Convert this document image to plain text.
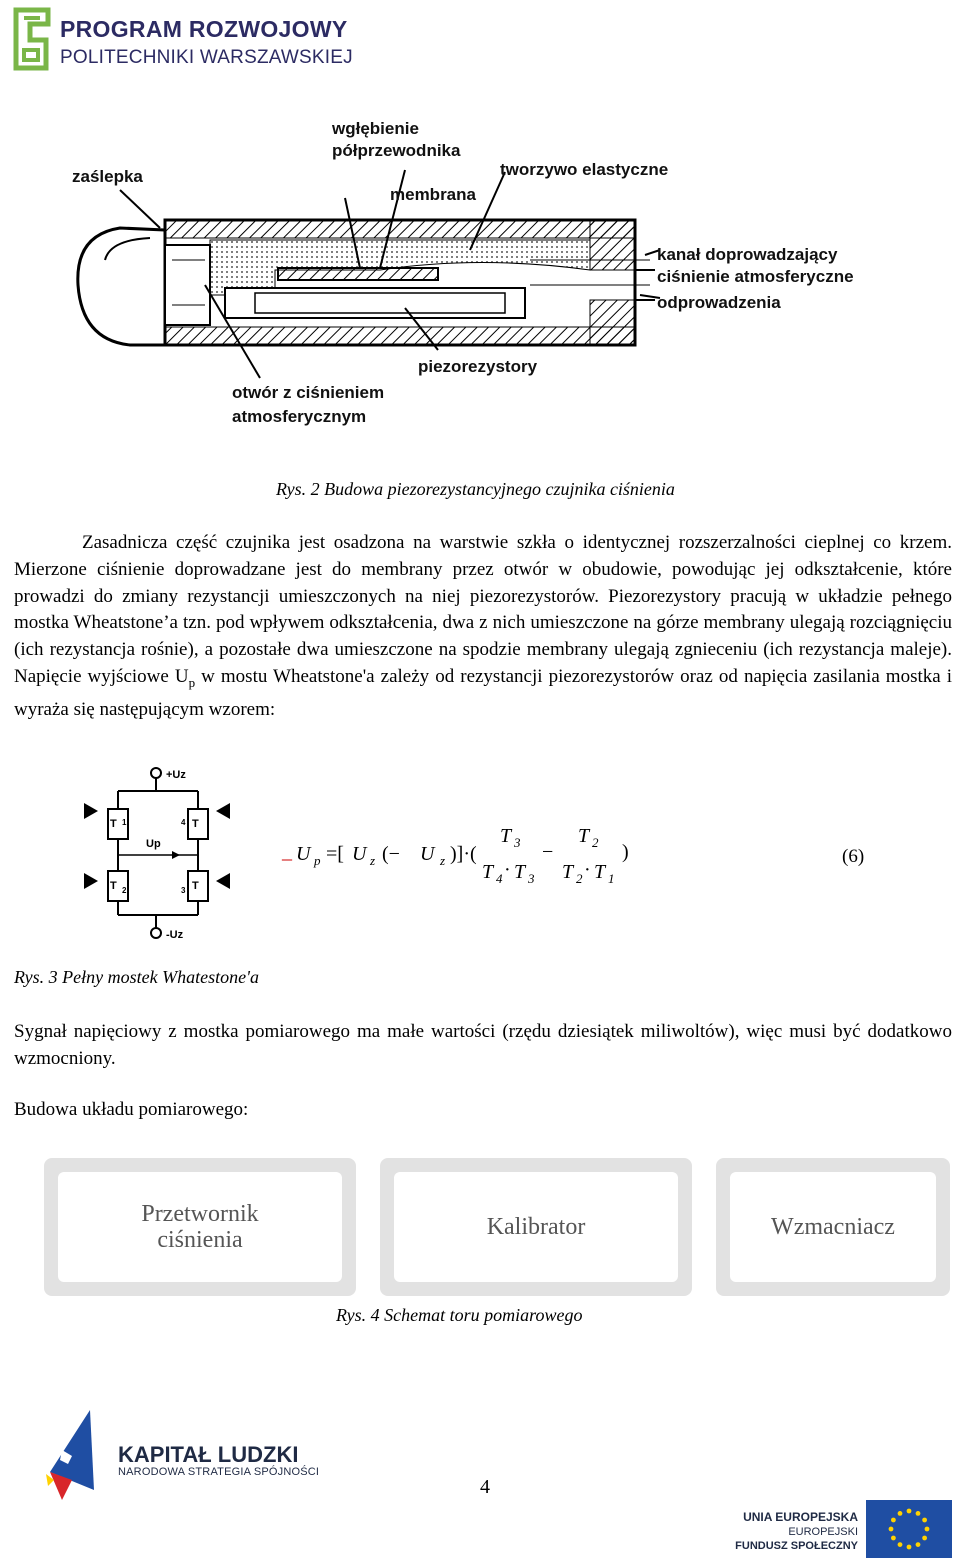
PROGRAM ROZWOJOWY
POLITECHNIKI WARSZAWSKIEJ
zaślepka
wgłębienie
półprzewodnika
membrana
tworzywo elastyczne
kanał doprowadzający
ciśnienie atmosferyczne
odprowadzenia
piezorezystory
otwór z ciśnieniem
atmosferycznym
Rys. 2 Budowa piezorezystancyjnego czujnika ciśnienia

Zasadnicza część czujnika jest osadzona na warstwie szkła o identycznej rozszerzalności cieplnej co krzem. Mierzone ciśnienie doprowadzane jest do membrany przez otwór w obudowie, powodując jej odkształcenie, które prowadzi do zmiany rezystancji umieszczonych na niej piezorezystorów. Piezorezystory pracują w układzie pełnego mostka Wheatstone’a tzn. pod wpływem odkształcenia, dwa z nich umieszczone na górze membrany ulegają rozciągnięciu (ich rezystancja rośnie), a pozostałe dwa umieszczone na spodzie membrany ulegają zgnieceniu (ich rezystancja maleje). Napięcie wyjściowe $U_p$ w mostu Wheatstone'a zależy od rezystancji piezorezystorów oraz od napięcia zasilania mostka i wyraża się następującym wzorem:

+Uz
-Uz
T 1	4 T
T 2	3 T
Up	_ U p =[ U z (− U z )]·(
T 3
T 4 · T 3
−
T 2
T 2 · T 1
)	(6)
Rys. 3 Pełny mostek Whatestone'a

Sygnał napięciowy z mostka pomiarowego ma małe wartości (rzędu dziesiątek miliwoltów), więc musi być dodatkowo wzmocniony.

Budowa układu pomiarowego:
Przetwornik
ciśnienia	Kalibrator	Wzmacniacz
Rys. 4 Schemat toru pomiarowego
KAPITAŁ LUDZKI
NARODOWA STRATEGIA SPÓJNOŚCI
4
UNIA EUROPEJSKA
EUROPEJSKI
FUNDUSZ SPOŁECZNY
